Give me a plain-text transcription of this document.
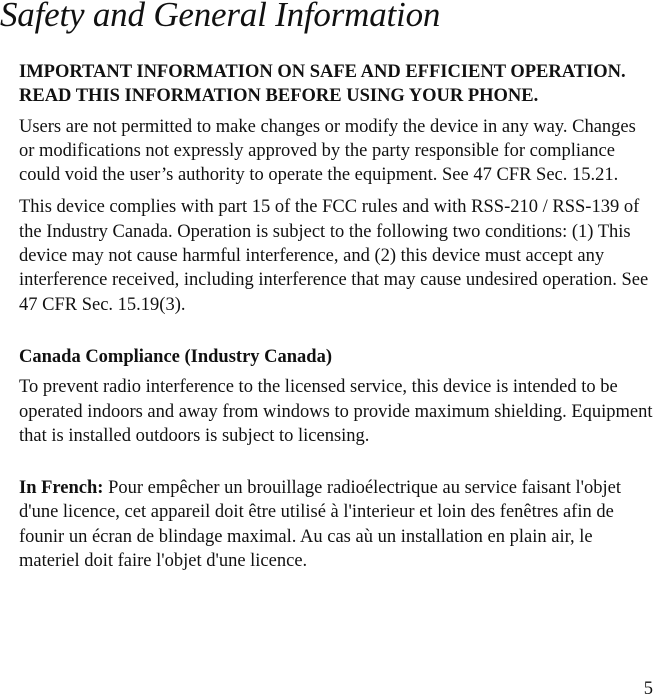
Safety and General Information

IMPORTANT INFORMATION ON SAFE AND EFFICIENT OPERATION. READ THIS INFORMATION BEFORE USING YOUR PHONE.

Users are not permitted to make changes or modify the device in any way. Changes or modifications not expressly approved by the party responsible for compliance could void the user’s authority to operate the equipment. See 47 CFR Sec. 15.21.

This device complies with part 15 of the FCC rules and with RSS-210 / RSS-139 of the Industry Canada. Operation is subject to the following two conditions: (1) This device may not cause harmful interference, and (2) this device must accept any interference received, including interference that may cause undesired operation. See 47 CFR Sec. 15.19(3).

Canada Compliance (Industry Canada)

To prevent radio interference to the licensed service, this device is intended to be operated indoors and away from windows to provide maximum shielding. Equipment that is installed outdoors is subject to licensing.

In French: Pour empêcher un brouillage radioélectrique au service faisant l'objet d'une licence, cet appareil doit être utilisé à l'interieur et loin des fenêtres afin de founir un écran de blindage maximal. Au cas aù un installation en plain air, le materiel doit faire l'objet d'une licence.

5
